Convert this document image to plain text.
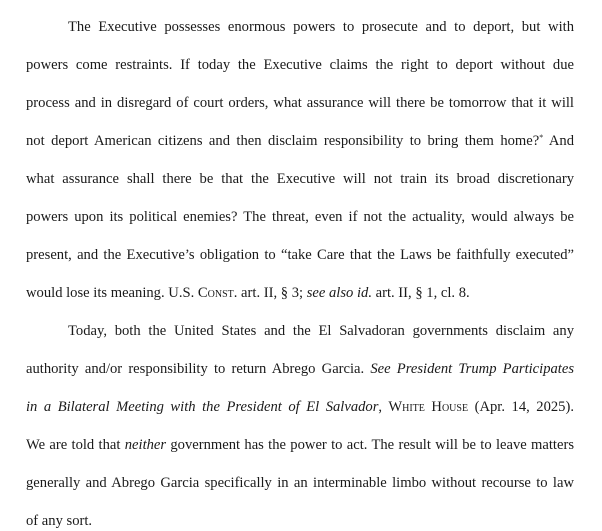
The Executive possesses enormous powers to prosecute and to deport, but with
powers come restraints. If today the Executive claims the right to deport without due
process and in disregard of court orders, what assurance will there be tomorrow that it will
not deport American citizens and then disclaim responsibility to bring them home?* And
what assurance shall there be that the Executive will not train its broad discretionary
powers upon its political enemies? The threat, even if not the actuality, would always be
present, and the Executive’s obligation to “take Care that the Laws be faithfully executed”
would lose its meaning. U.S. Const. art. II, § 3; see also id. art. II, § 1, cl. 8.
Today, both the United States and the El Salvadoran governments disclaim any
authority and/or responsibility to return Abrego Garcia. See President Trump Participates
in a Bilateral Meeting with the President of El Salvador, White House (Apr. 14, 2025).
We are told that neither government has the power to act. The result will be to leave matters
generally and Abrego Garcia specifically in an interminable limbo without recourse to law
of any sort.
